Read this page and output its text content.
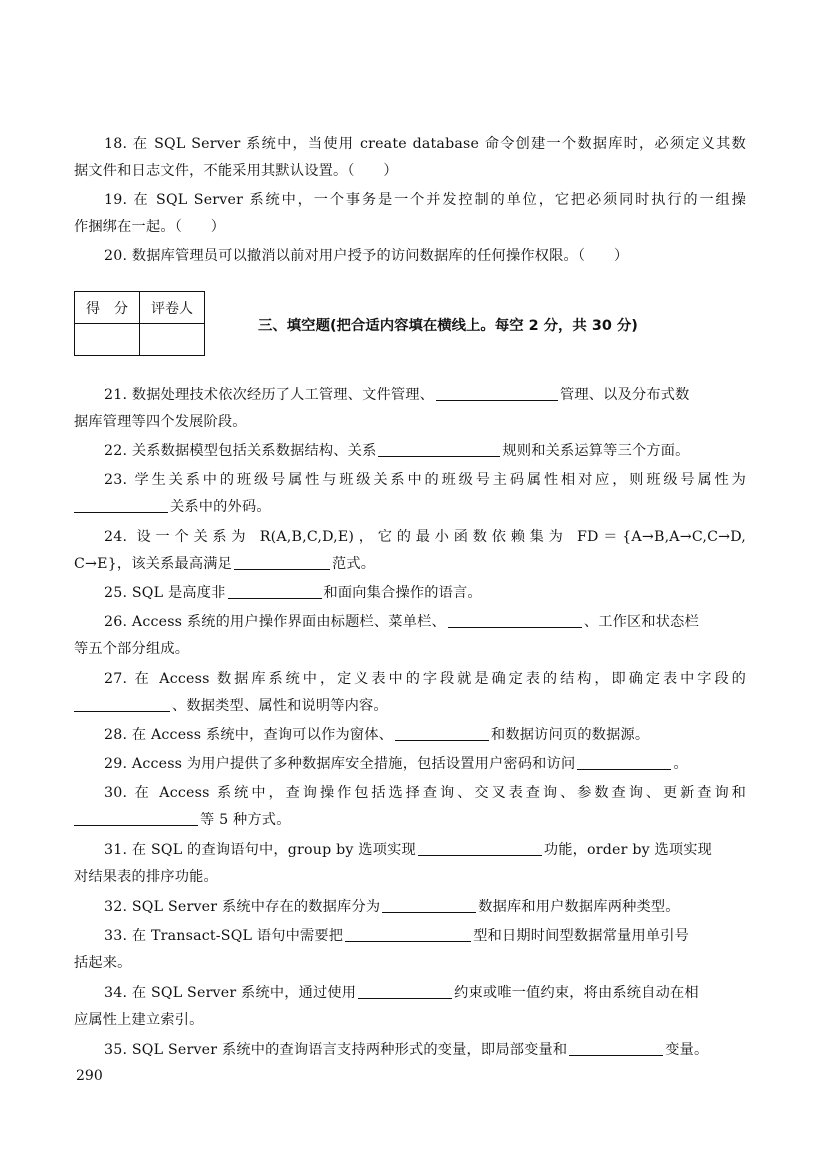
18. 在 SQL Server 系统中，当使用 create database 命令创建一个数据库时，必须定义其数
据文件和日志文件，不能采用其默认设置。（　　）
19. 在 SQL Server 系统中，一个事务是一个并发控制的单位，它把必须同时执行的一组操
作捆绑在一起。（　　）
20. 数据库管理员可以撤消以前对用户授予的访问数据库的任何操作权限。（　　）
得　分	评卷人

三、填空题(把合适内容填在横线上。每空 2 分，共 30 分)
21. 数据处理技术依次经历了人工管理、文件管理、	管理、以及分布式数
据库管理等四个发展阶段。
22. 关系数据模型包括关系数据结构、关系	规则和关系运算等三个方面。
23. 学生关系中的班级号属性与班级关系中的班级号主码属性相对应，则班级号属性为
关系中的外码。
24. 设一个关系为 R(A,B,C,D,E)，它的最小函数依赖集为 FD＝{A→B,A→C,C→D,
C→E}，该关系最高满足	范式。
25. SQL 是高度非	和面向集合操作的语言。
26. Access 系统的用户操作界面由标题栏、菜单栏、	、工作区和状态栏
等五个部分组成。
27. 在 Access 数据库系统中，定义表中的字段就是确定表的结构，即确定表中字段的
、数据类型、属性和说明等内容。
28. 在 Access 系统中，查询可以作为窗体、	和数据访问页的数据源。
29. Access 为用户提供了多种数据库安全措施，包括设置用户密码和访问	。
30. 在 Access 系统中，查询操作包括选择查询、交叉表查询、参数查询、更新查询和
等 5 种方式。
31. 在 SQL 的查询语句中，group by 选项实现	功能，order by 选项实现
对结果表的排序功能。
32. SQL Server 系统中存在的数据库分为	数据库和用户数据库两种类型。
33. 在 Transact-SQL 语句中需要把	型和日期时间型数据常量用单引号
括起来。
34. 在 SQL Server 系统中，通过使用	约束或唯一值约束，将由系统自动在相
应属性上建立索引。
35. SQL Server 系统中的查询语言支持两种形式的变量，即局部变量和	变量。
290
